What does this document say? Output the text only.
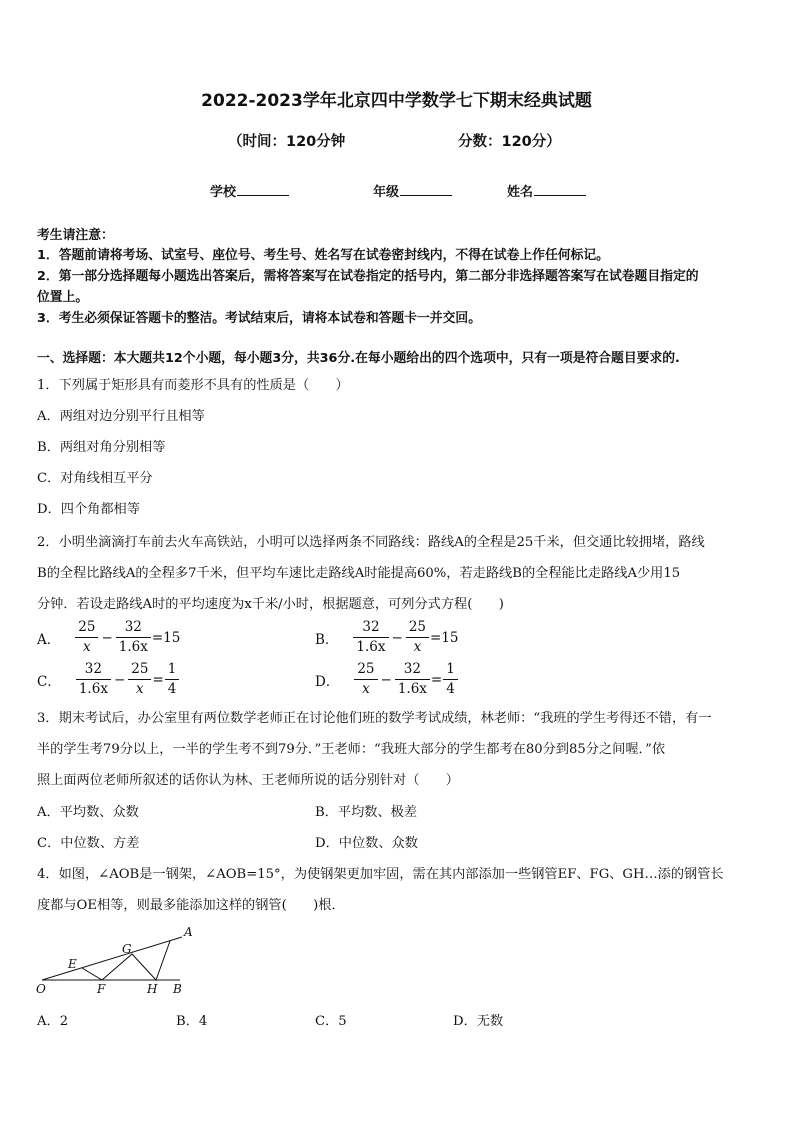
2022-2023学年北京四中学数学七下期末经典试题
（时间：120分钟	分数：120分）
学校	年级	姓名
考生请注意：
1．答题前请将考场、试室号、座位号、考生号、姓名写在试卷密封线内，不得在试卷上作任何标记。
2．第一部分选择题每小题选出答案后，需将答案写在试卷指定的括号内，第二部分非选择题答案写在试卷题目指定的
位置上。
3．考生必须保证答题卡的整洁。考试结束后，请将本试卷和答题卡一并交回。
一、选择题：本大题共12个小题，每小题3分，共36分.在每小题给出的四个选项中，只有一项是符合题目要求的.
1．下列属于矩形具有而菱形不具有的性质是（　　）
A．两组对边分别平行且相等
B．两组对角分别相等
C．对角线相互平分
D．四个角都相等
2．小明坐滴滴打车前去火车高铁站，小明可以选择两条不同路线：路线A的全程是25千米，但交通比较拥堵，路线
B的全程比路线A的全程多7千米，但平均车速比走路线A时能提高60%，若走路线B的全程能比走路线A少用15
分钟．若设走路线A时的平均速度为x千米/小时，根据题意，可列分式方程(　　)
A． $\frac{25}{x} - \frac{32}{1.6x} =15$	B． $\frac{32}{1.6x} - \frac{25}{x} =15$
C． $\frac{32}{1.6x} - \frac{25}{x} = \frac{1}{4}$	D． $\frac{25}{x} - \frac{32}{1.6x} = \frac{1}{4}$
3．期末考试后，办公室里有两位数学老师正在讨论他们班的数学考试成绩，林老师：“我班的学生考得还不错，有一
半的学生考79分以上，一半的学生考不到79分．”王老师：“我班大部分的学生都考在80分到85分之间喔．”依
照上面两位老师所叙述的话你认为林、王老师所说的话分别针对（　　）
A．平均数、众数	B．平均数、极差
C．中位数、方差	D．中位数、众数
4．如图，∠AOB是一钢架，∠AOB=15°，为使钢架更加牢固，需在其内部添加一些钢管EF、FG、GH…添的钢管长
度都与OE相等，则最多能添加这样的钢管(　　)根．
O
E
F
G
H
A
B
A．2	B．4	C．5	D．无数
